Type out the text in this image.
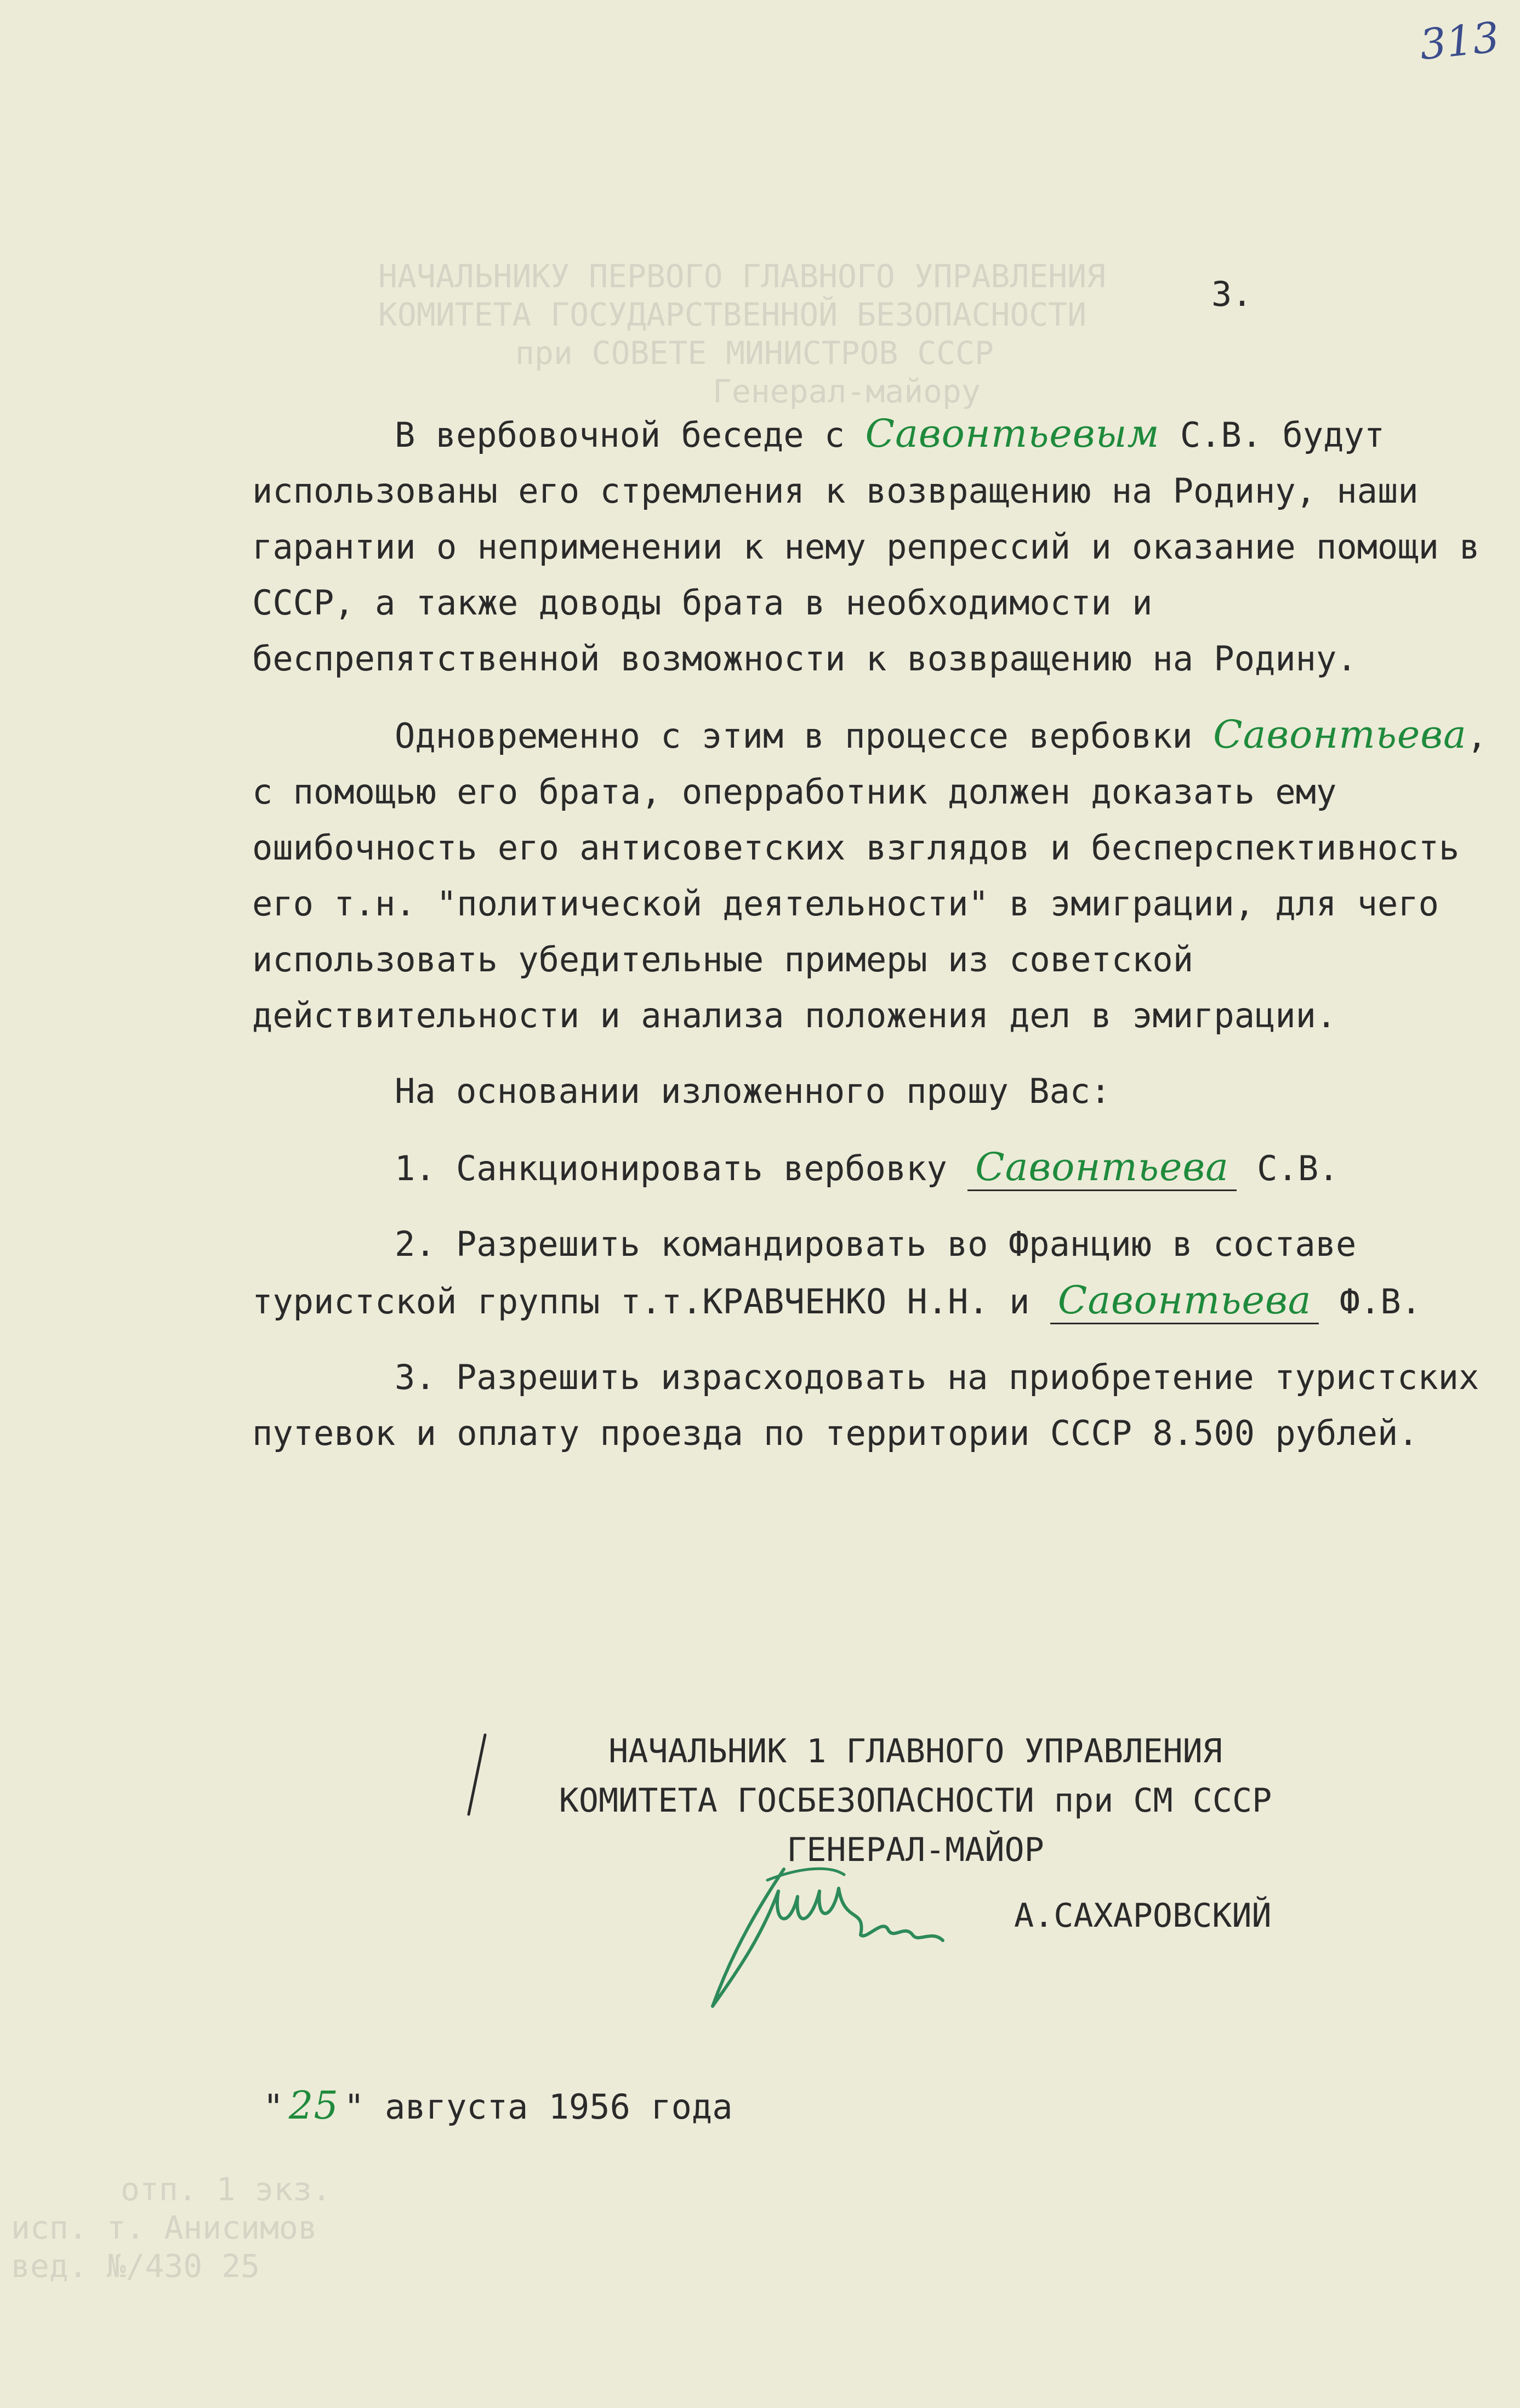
НАЧАЛЬНИКУ ПЕРВОГО ГЛАВНОГО УПРАВЛЕНИЯ
КОМИТЕТА ГОСУДАРСТВЕННОЙ БЕЗОПАСНОСТИ
при СОВЕТЕ МИНИСТРОВ СССР
Генерал-майору
отп. 1 экз.
исп. т. Анисимов
вед. №/430 25
313
3.

В вербовочной беседе с Савонтьевым С.В. будут использованы его стремления к возвращению на Родину, наши гарантии о неприменении к нему репрессий и оказание помощи в СССР, а также доводы брата в необходимости и беспрепятственной возможности к возвращению на Родину.

Одновременно с этим в процессе вербовки Савонтьева, с помощью его брата, оперработник должен доказать ему ошибочность его антисоветских взглядов и бесперспективность его т.н. "политической деятельности" в эмиграции, для чего использовать убедительные примеры из советской действительности и анализа положения дел в эмиграции.

На основании изложенного прошу Вас:

1. Санкционировать вербовку Савонтьева С.В.

2. Разрешить командировать во Францию в составе туристской группы т.т.КРАВЧЕНКО Н.Н. и Савонтьева Ф.В.

3. Разрешить израсходовать на приобретение туристских путевок и оплату проезда по территории СССР 8.500 рублей.

НАЧАЛЬНИК 1 ГЛАВНОГО УПРАВЛЕНИЯ
КОМИТЕТА ГОСБЕЗОПАСНОСТИ при СМ СССР
ГЕНЕРАЛ-МАЙОР
А.САХАРОВСКИЙ
" 25 " августа 1956 года
